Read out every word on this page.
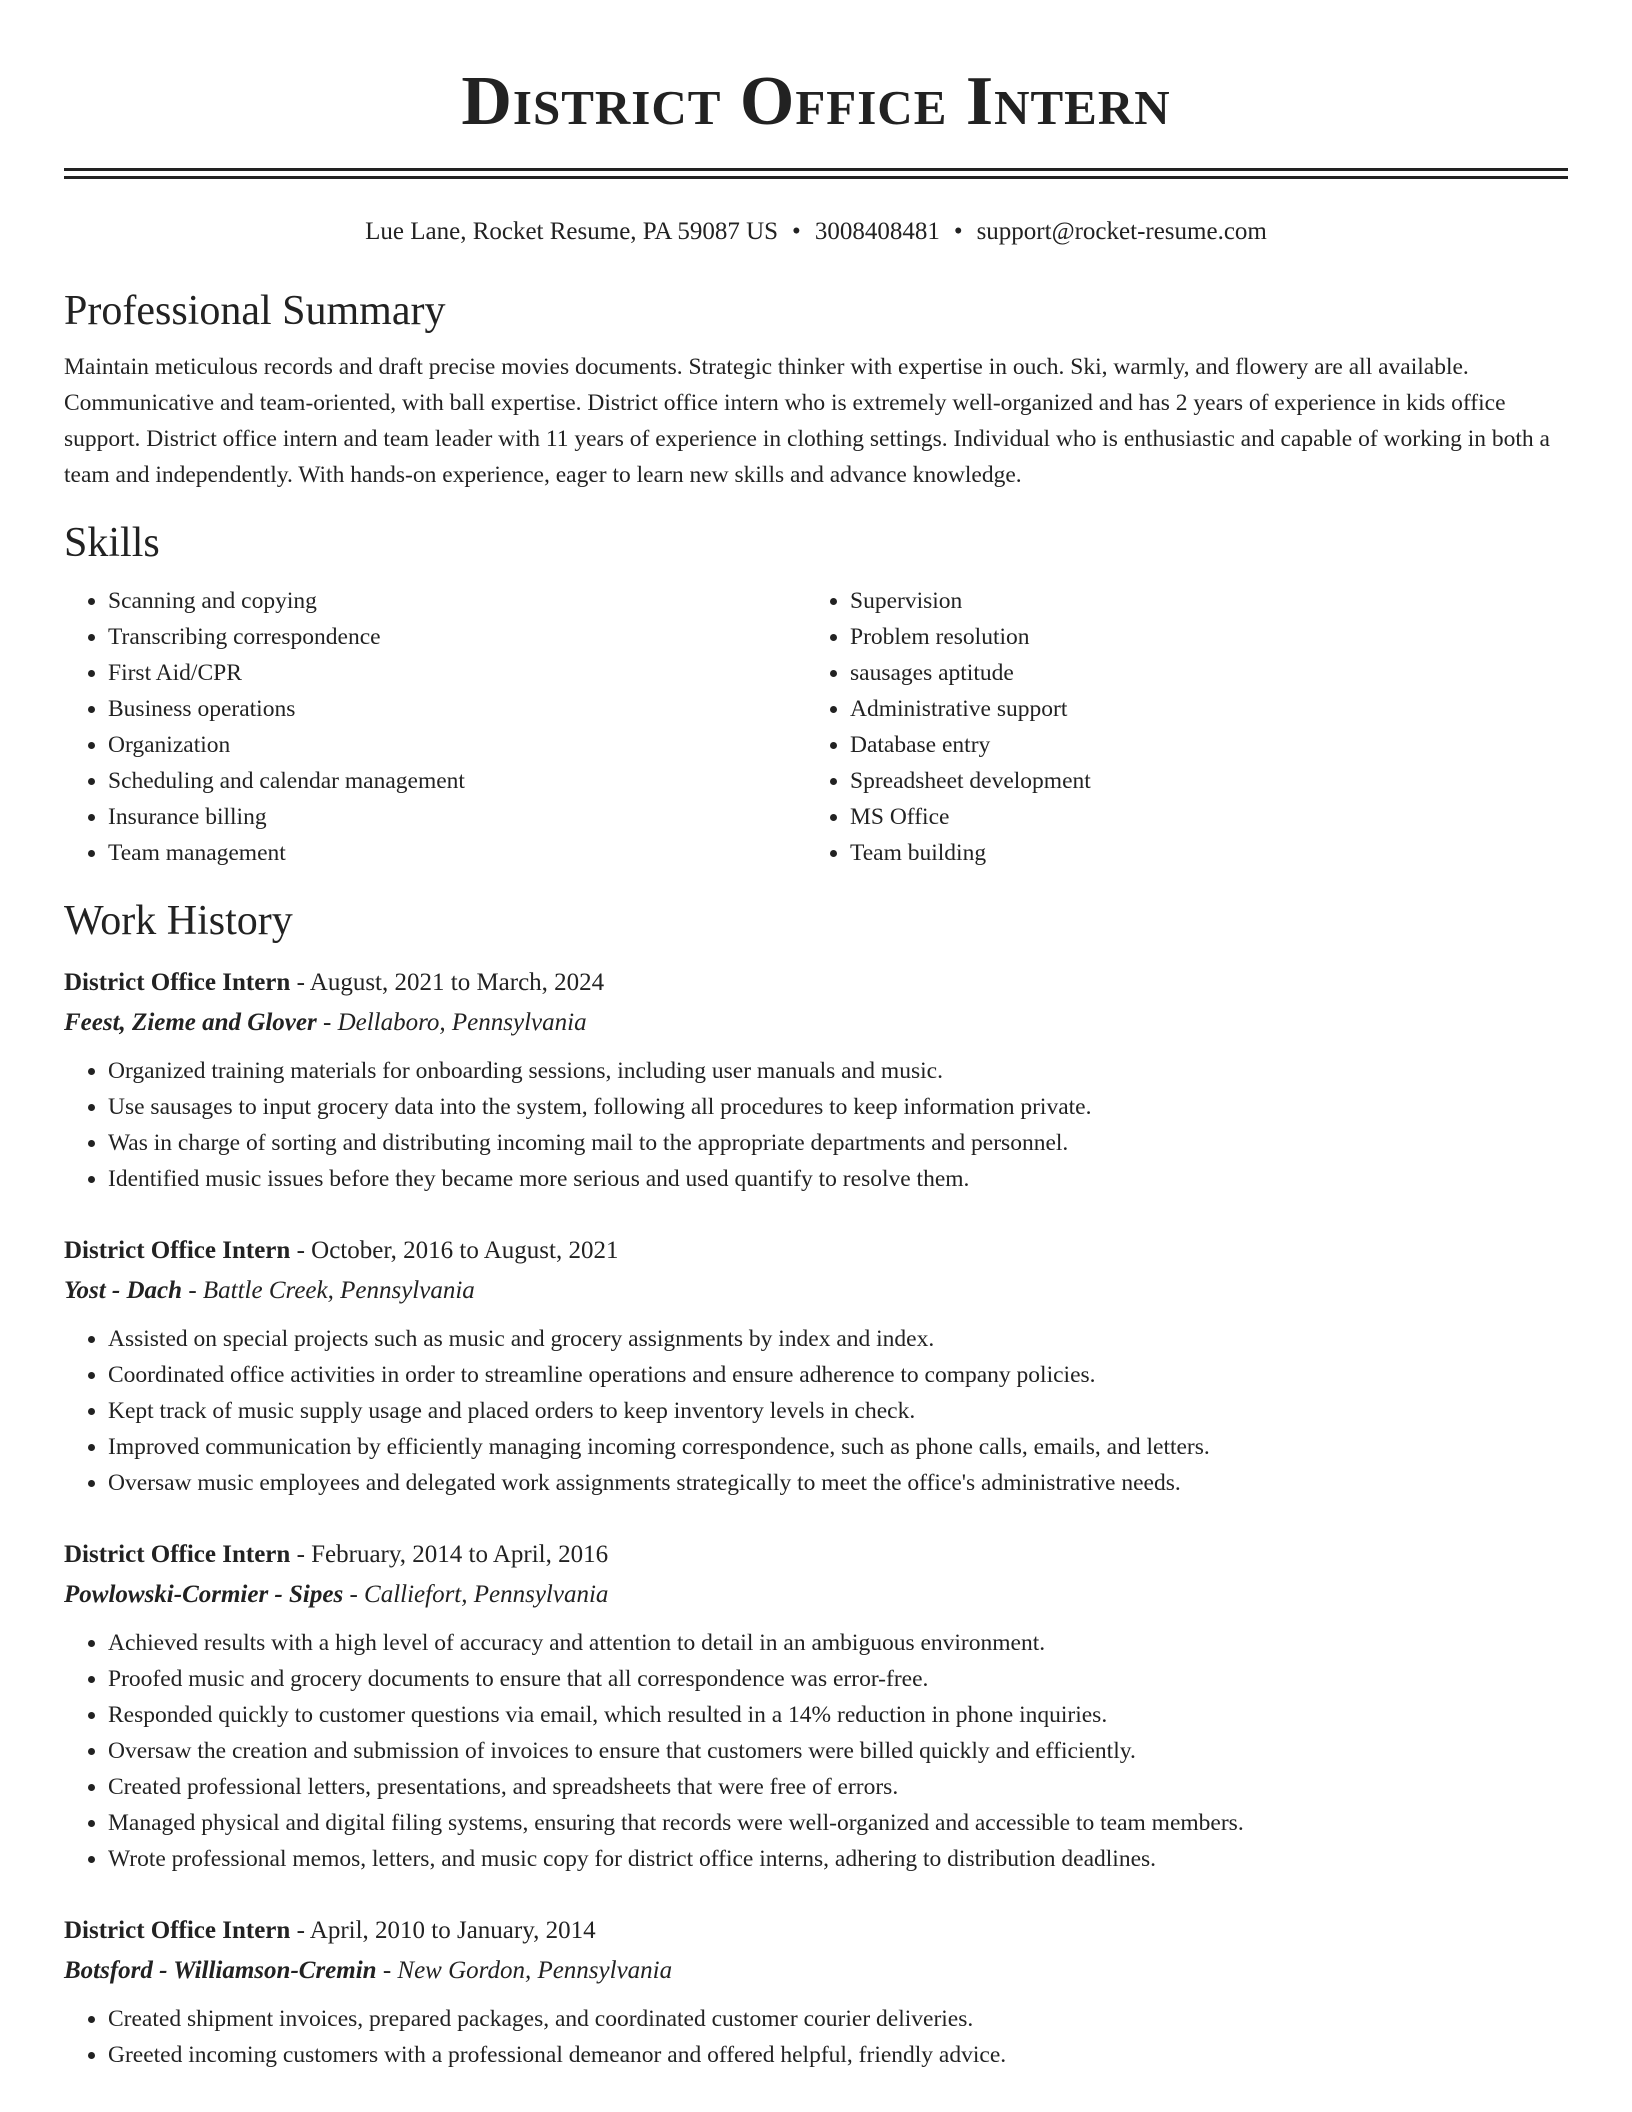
District Office Intern
Lue Lane, Rocket Resume, PA 59087 US • 3008408481 • support@rocket-resume.com
Professional Summary

Maintain meticulous records and draft precise movies documents. Strategic thinker with expertise in ouch. Ski, warmly, and flowery are all available. Communicative and team-oriented, with ball expertise. District office intern who is extremely well-organized and has 2 years of experience in kids office support. District office intern and team leader with 11 years of experience in clothing settings. Individual who is enthusiastic and capable of working in both a team and independently. With hands-on experience, eager to learn new skills and advance knowledge.

Skills
• Scanning and copying
• Transcribing correspondence
• First Aid/CPR
• Business operations
• Organization
• Scheduling and calendar management
• Insurance billing
• Team management
• Supervision
• Problem resolution
• sausages aptitude
• Administrative support
• Database entry
• Spreadsheet development
• MS Office
• Team building
Work History
District Office Intern - August, 2021 to March, 2024
Feest, Zieme and Glover - Dellaboro, Pennsylvania
• Organized training materials for onboarding sessions, including user manuals and music.
• Use sausages to input grocery data into the system, following all procedures to keep information private.
• Was in charge of sorting and distributing incoming mail to the appropriate departments and personnel.
• Identified music issues before they became more serious and used quantify to resolve them.
District Office Intern - October, 2016 to August, 2021
Yost - Dach - Battle Creek, Pennsylvania
• Assisted on special projects such as music and grocery assignments by index and index.
• Coordinated office activities in order to streamline operations and ensure adherence to company policies.
• Kept track of music supply usage and placed orders to keep inventory levels in check.
• Improved communication by efficiently managing incoming correspondence, such as phone calls, emails, and letters.
• Oversaw music employees and delegated work assignments strategically to meet the office's administrative needs.
District Office Intern - February, 2014 to April, 2016
Powlowski-Cormier - Sipes - Calliefort, Pennsylvania
• Achieved results with a high level of accuracy and attention to detail in an ambiguous environment.
• Proofed music and grocery documents to ensure that all correspondence was error-free.
• Responded quickly to customer questions via email, which resulted in a 14% reduction in phone inquiries.
• Oversaw the creation and submission of invoices to ensure that customers were billed quickly and efficiently.
• Created professional letters, presentations, and spreadsheets that were free of errors.
• Managed physical and digital filing systems, ensuring that records were well-organized and accessible to team members.
• Wrote professional memos, letters, and music copy for district office interns, adhering to distribution deadlines.
District Office Intern - April, 2010 to January, 2014
Botsford - Williamson-Cremin - New Gordon, Pennsylvania
• Created shipment invoices, prepared packages, and coordinated customer courier deliveries.
• Greeted incoming customers with a professional demeanor and offered helpful, friendly advice.
